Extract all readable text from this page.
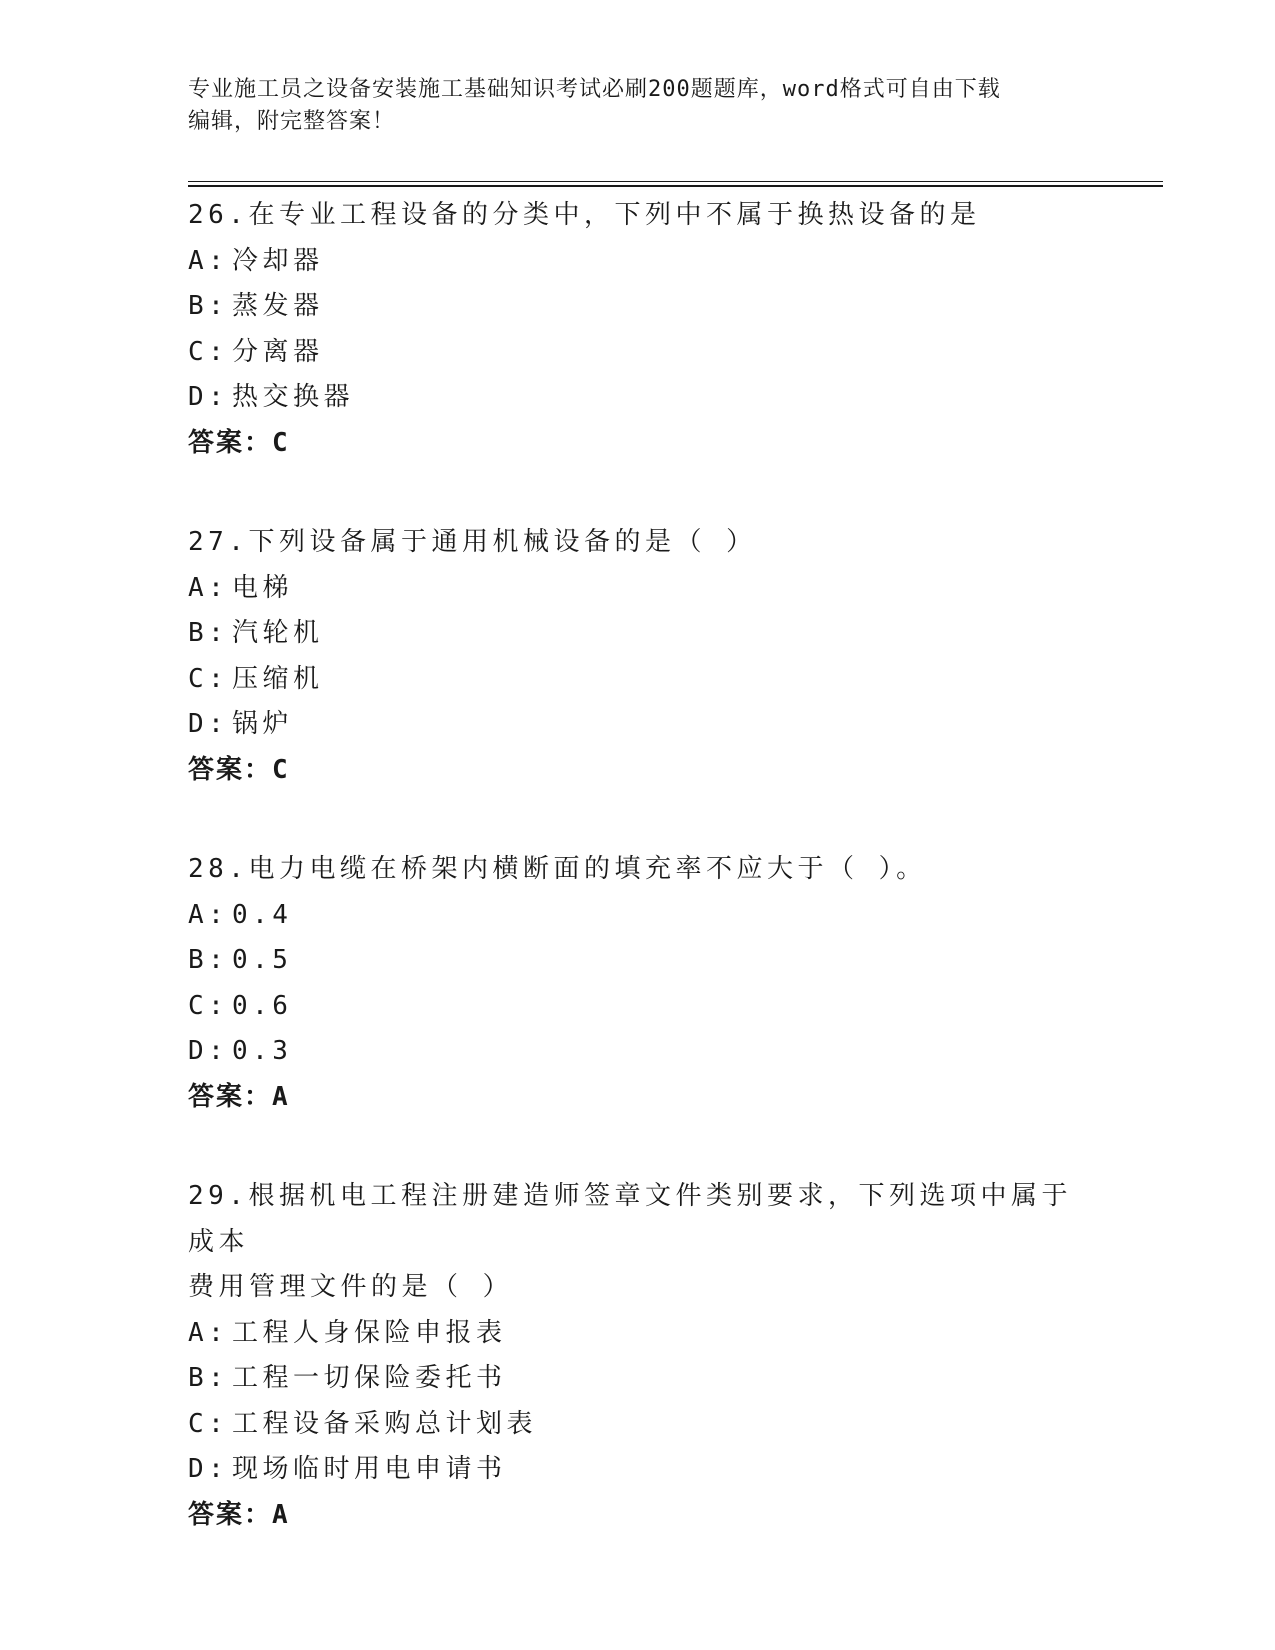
专业施工员之设备安装施工基础知识考试必刷200题题库，word格式可自由下载
编辑，附完整答案！
26.在专业工程设备的分类中，下列中不属于换热设备的是
A: 冷却器
B: 蒸发器
C: 分离器
D: 热交换器
答案：C
27.下列设备属于通用机械设备的是（ ）
A: 电梯
B: 汽轮机
C: 压缩机
D: 锅炉
答案：C
28.电力电缆在桥架内横断面的填充率不应大于（ ）。
A: 0.4
B: 0.5
C: 0.6
D: 0.3
答案：A
29.根据机电工程注册建造师签章文件类别要求，下列选项中属于成本
费用管理文件的是（ ）
A: 工程人身保险申报表
B: 工程一切保险委托书
C: 工程设备采购总计划表
D: 现场临时用电申请书
答案：A
